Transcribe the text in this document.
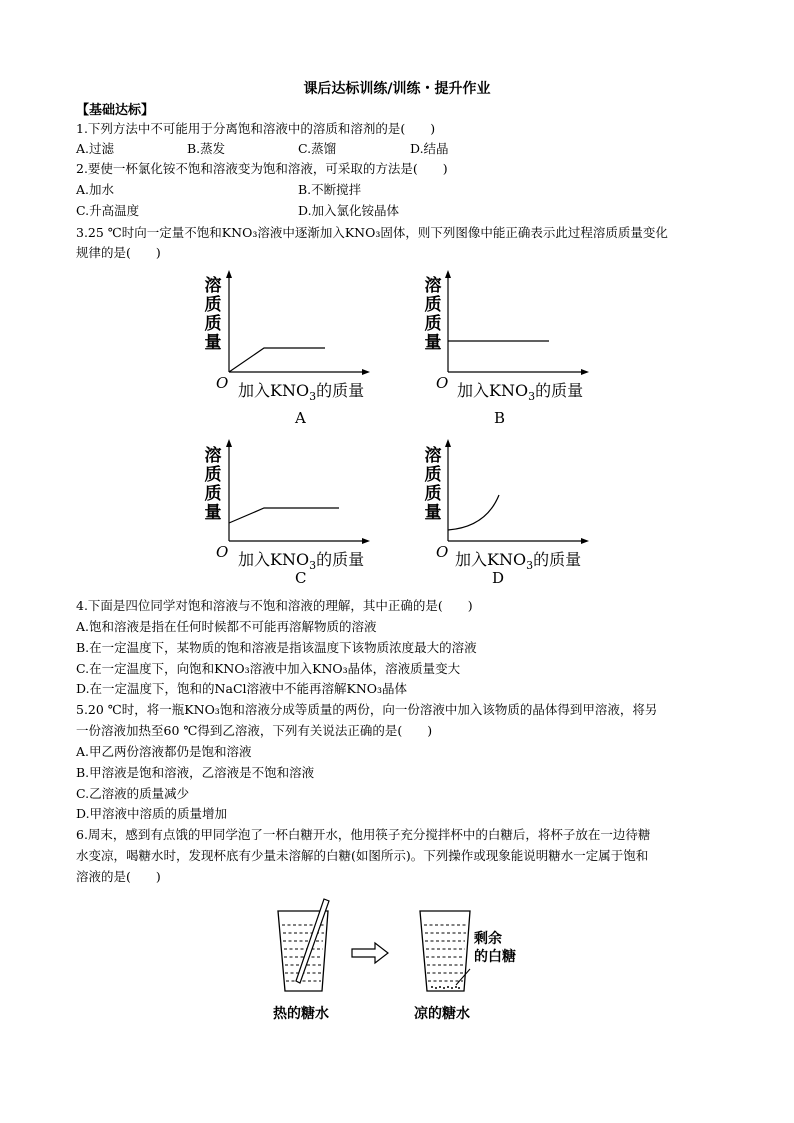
课后达标训练/训练・提升作业
【基础达标】
1.下列方法中不可能用于分离饱和溶液中的溶质和溶剂的是(　　)
A.过滤	B.蒸发	C.蒸馏	D.结晶
2.要使一杯氯化铵不饱和溶液变为饱和溶液，可采取的方法是(　　)
A.加水	B.不断搅拌
C.升高温度	D.加入氯化铵晶体
3.25 ℃时向一定量不饱和KNO₃溶液中逐渐加入KNO₃固体，则下列图像中能正确表示此过程溶质质量变化
规律的是(　　)
溶
质
质
量
O 加入$KNO_3$的质量
A
溶
质
质
量
O 加入$KNO_3$的质量
B
溶
质
质
量
O 加入$KNO_3$的质量
C
溶
质
质
量
O 加入$KNO_3$的质量
D
4.下面是四位同学对饱和溶液与不饱和溶液的理解，其中正确的是(　　)
A.饱和溶液是指在任何时候都不可能再溶解物质的溶液
B.在一定温度下，某物质的饱和溶液是指该温度下该物质浓度最大的溶液
C.在一定温度下，向饱和KNO₃溶液中加入KNO₃晶体，溶液质量变大
D.在一定温度下，饱和的NaCl溶液中不能再溶解KNO₃晶体
5.20 ℃时，将一瓶KNO₃饱和溶液分成等质量的两份，向一份溶液中加入该物质的晶体得到甲溶液，将另
一份溶液加热至60 ℃得到乙溶液，下列有关说法正确的是(　　)
A.甲乙两份溶液都仍是饱和溶液
B.甲溶液是饱和溶液，乙溶液是不饱和溶液
C.乙溶液的质量减少
D.甲溶液中溶质的质量增加
6.周末，感到有点饿的甲同学泡了一杯白糖开水，他用筷子充分搅拌杯中的白糖后，将杯子放在一边待糖
水变凉，喝糖水时，发现杯底有少量未溶解的白糖(如图所示)。下列操作或现象能说明糖水一定属于饱和
溶液的是(　　)
剩余
的白糖
热的糖水	凉的糖水
